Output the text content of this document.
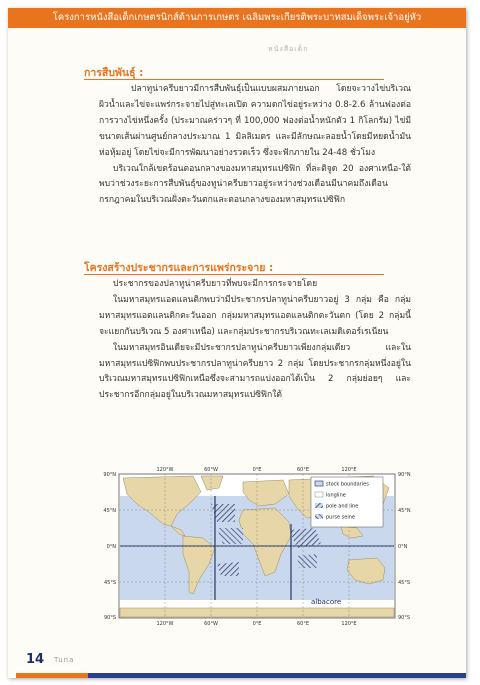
โครงการหนังสือเด็กเกษตรนิกส์ด้านการเกษตร เฉลิมพระเกียรติพระบาทสมเด็จพระเจ้าอยู่หัว
หนังสือเด็ก
การสืบพันธุ์ :

ปลาทูน่าครีบยาวมีการสืบพันธุ์เป็นแบบผสมภายนอก โดยจะวางไข่บริเวณผิวน้ำและไข่จะแพร่กระจายไปสู่ทะเลเปิด ความดกไข่อยู่ระหว่าง 0.8-2.6 ล้านฟองต่อการวางไข่หนึ่งครั้ง (ประมาณคร่าวๆ ที่ 100,000 ฟองต่อน้ำหนักตัว 1 กิโลกรัม) ไข่มีขนาดเส้นผ่านศูนย์กลางประมาณ 1 มิลลิเมตร และมีลักษณะลอยน้ำโดยมีหยดน้ำมันห่อหุ้มอยู่ โดยไข่จะมีการพัฒนาอย่างรวดเร็ว ซึ่งจะฟักภายใน 24-48 ชั่วโมง

บริเวณใกล้เขตร้อนตอนกลางของมหาสมุทรแปซิฟิก ที่ละติจูด 20 องศาเหนือ-ใต้ พบว่าช่วงระยะการสืบพันธุ์ของทูน่าครีบยาวอยู่ระหว่างช่วงเดือนมีนาคมถึงเดือนกรกฎาคมในบริเวณฝั่งตะวันตกและตอนกลางของมหาสมุทรแปซิฟิก

โครงสร้างประชากรและการแพร่กระจาย :

ประชากรของปลาทูน่าครีบยาวที่พบจะมีการกระจายโดย

ในมหาสมุทรแอตแลนติกพบว่ามีประชากรปลาทูน่าครีบยาวอยู่ 3 กลุ่ม คือ กลุ่มมหาสมุทรแอตแลนติกตะวันออก กลุ่มมหาสมุทรแอตแลนติกตะวันตก (โดย 2 กลุ่มนี้จะแยกกันบริเวณ 5 องศาเหนือ) และกลุ่มประชากรบริเวณทะเลเมดิเตอร์เรเนียน

ในมหาสมุทรอินเดียจะมีประชากรปลาทูน่าครีบยาวเพียงกลุ่มเดียว และในมหาสมุทรแปซิฟิกพบประชากรปลาทูน่าครีบยาว 2 กลุ่ม โดยประชากรกลุ่มหนึ่งอยู่ในบริเวณมหาสมุทรแปซิฟิกเหนือซึ่งจะสามารถแบ่งออกได้เป็น 2 กลุ่มย่อยๆ และประชากรอีกกลุ่มอยู่ในบริเวณมหาสมุทรแปซิฟิกใต้

120°W	60°W	0°E	60°E	120°E
120°W	60°W	0°E	60°E	120°E
90°N
45°N
0°N
45°S
90°S
90°N
45°N
0°N
45°S
90°S
stock boundaries
longline
pole and line
purse seine
albacore
14 Tuna
